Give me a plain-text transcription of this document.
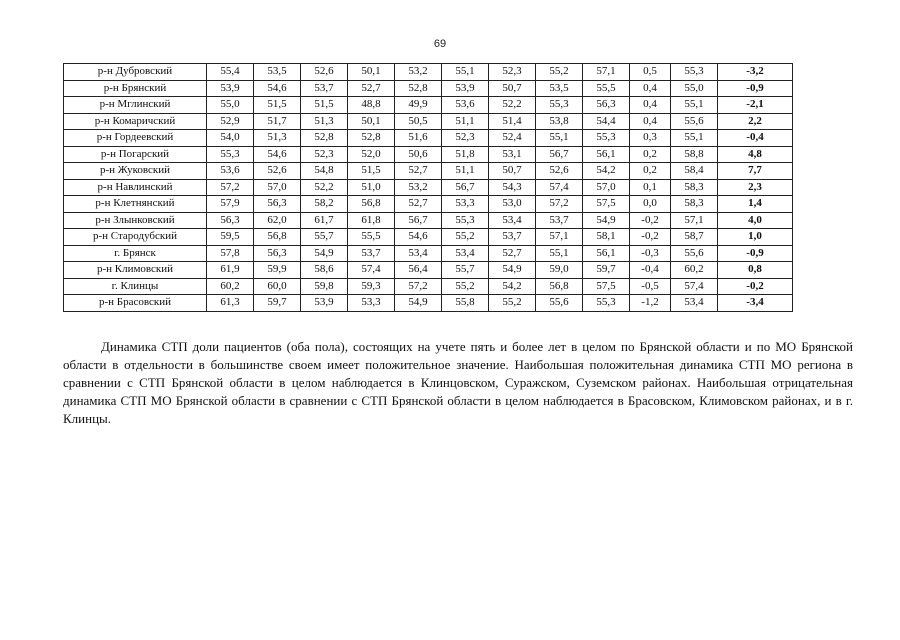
69
р-н Дубровский	55,4	53,5	52,6	50,1	53,2	55,1	52,3	55,2	57,1	0,5	55,3	-3,2
р-н Брянский	53,9	54,6	53,7	52,7	52,8	53,9	50,7	53,5	55,5	0,4	55,0	-0,9
р-н Мглинский	55,0	51,5	51,5	48,8	49,9	53,6	52,2	55,3	56,3	0,4	55,1	-2,1
р-н Комаричский	52,9	51,7	51,3	50,1	50,5	51,1	51,4	53,8	54,4	0,4	55,6	2,2
р-н Гордеевский	54,0	51,3	52,8	52,8	51,6	52,3	52,4	55,1	55,3	0,3	55,1	-0,4
р-н Погарский	55,3	54,6	52,3	52,0	50,6	51,8	53,1	56,7	56,1	0,2	58,8	4,8
р-н Жуковский	53,6	52,6	54,8	51,5	52,7	51,1	50,7	52,6	54,2	0,2	58,4	7,7
р-н Навлинский	57,2	57,0	52,2	51,0	53,2	56,7	54,3	57,4	57,0	0,1	58,3	2,3
р-н Клетнянский	57,9	56,3	58,2	56,8	52,7	53,3	53,0	57,2	57,5	0,0	58,3	1,4
р-н Злынковский	56,3	62,0	61,7	61,8	56,7	55,3	53,4	53,7	54,9	-0,2	57,1	4,0
р-н Стародубский	59,5	56,8	55,7	55,5	54,6	55,2	53,7	57,1	58,1	-0,2	58,7	1,0
г. Брянск	57,8	56,3	54,9	53,7	53,4	53,4	52,7	55,1	56,1	-0,3	55,6	-0,9
р-н Климовский	61,9	59,9	58,6	57,4	56,4	55,7	54,9	59,0	59,7	-0,4	60,2	0,8
г. Клинцы	60,2	60,0	59,8	59,3	57,2	55,2	54,2	56,8	57,5	-0,5	57,4	-0,2
р-н Брасовский	61,3	59,7	53,9	53,3	54,9	55,8	55,2	55,6	55,3	-1,2	53,4	-3,4

Динамика СТП доли пациентов (оба пола), состоящих на учете пять и более лет в целом по Брянской области и по МО Брянской области в отдельности в большинстве своем имеет положительное значение. Наибольшая положительная динамика СТП МО региона в сравнении с СТП Брянской области в целом наблюдается в Клинцовском, Суражском, Суземском районах. Наибольшая отрицательная динамика СТП МО Брянской области в сравнении с СТП Брянской области в целом наблюдается в Брасовском, Климовском районах, и в г. Клинцы.
